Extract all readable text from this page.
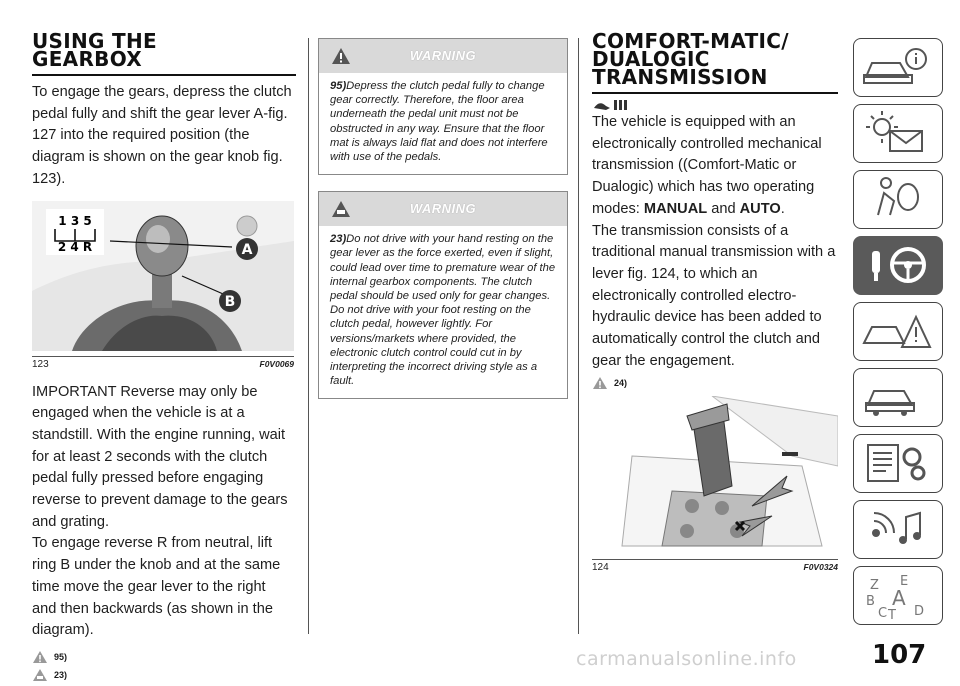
USING THE
GEARBOX

To engage the gears, depress the clutch pedal fully and shift the gear lever A-fig. 127 into the required position (the diagram is shown on the gear knob fig. 123).

A
B
1 3 5
2 4 R
123	F0V0069

IMPORTANT Reverse may only be engaged when the vehicle is at a standstill. With the engine running, wait for at least 2 seconds with the clutch pedal fully pressed before engaging reverse to prevent damage to the gears and grating.

To engage reverse R from neutral, lift ring B under the knob and at the same time move the gear lever to the right and then backwards (as shown in the diagram).

95)
23)
WARNING
95)Depress the clutch pedal fully to change gear correctly. Therefore, the floor area underneath the pedal unit must not be obstructed in any way. Ensure that the floor mat is always laid flat and does not interfere with use of the pedals.
WARNING
23)Do not drive with your hand resting on the gear lever as the force exerted, even if slight, could lead over time to premature wear of the internal gearbox components. The clutch pedal should be used only for gear changes. Do not drive with your foot resting on the clutch pedal, however lightly. For versions/markets where provided, the electronic clutch control could cut in by interpreting the incorrect driving style as a fault.
COMFORT-MATIC/
DUALOGIC
TRANSMISSION

The vehicle is equipped with an electronically controlled mechanical transmission ((Comfort-Matic or Dualogic) which has two operating modes: MANUAL and AUTO.

The transmission consists of a traditional manual transmission with a lever fig. 124, to which an electronically controlled electro-hydraulic device has been added to automatically control the clutch and gear the engagement.

24)
124	F0V0324
Z E
B A
C T D
107
carmanualsonline.info
